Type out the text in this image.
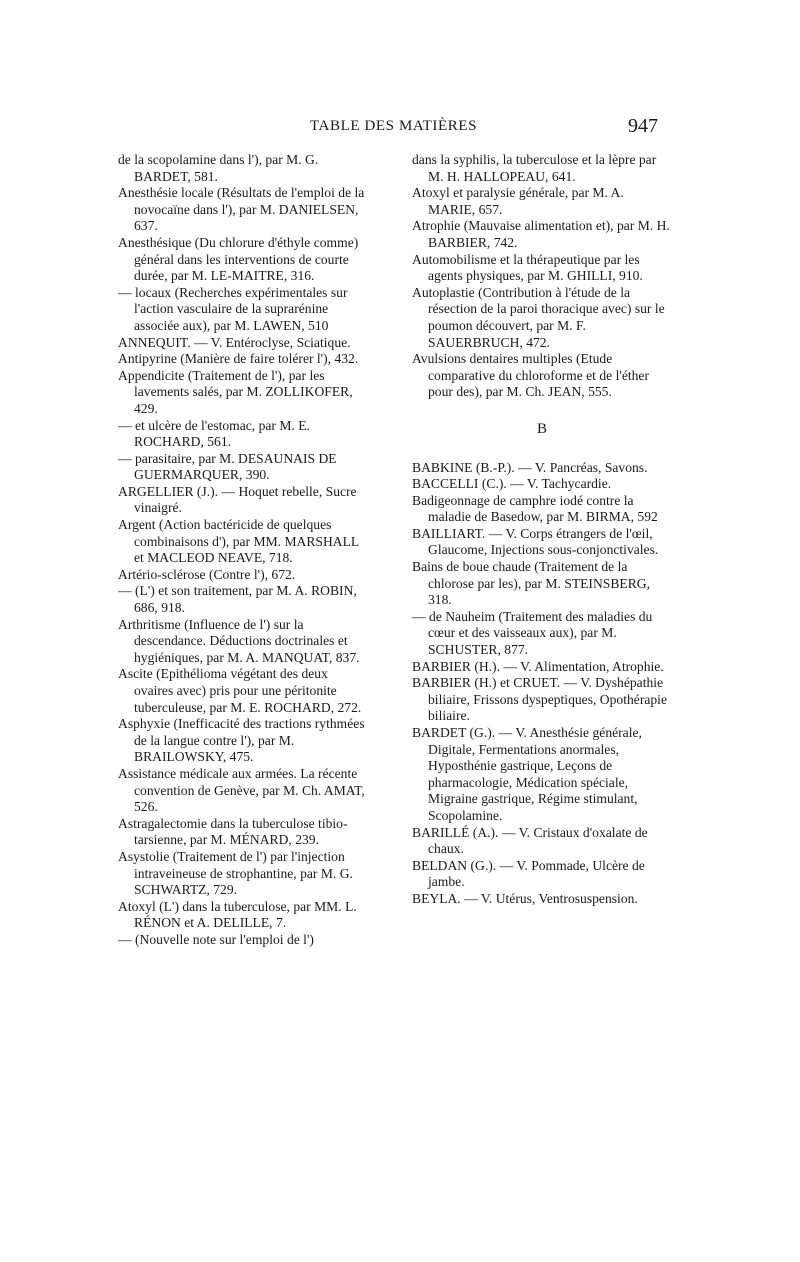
TABLE DES MATIÈRES	947

de la scopolamine dans l'), par M. G. BARDET, 581.

Anesthésie locale (Résultats de l'emploi de la novocaïne dans l'), par M. DANIELSEN, 637.

Anesthésique (Du chlorure d'éthyle comme) général dans les interventions de courte durée, par M. LE-MAITRE, 316.

— locaux (Recherches expérimentales sur l'action vasculaire de la suprarénine associée aux), par M. LAWEN, 510

ANNEQUIT. — V. Entéroclyse, Sciatique.

Antipyrine (Manière de faire tolérer l'), 432.

Appendicite (Traitement de l'), par les lavements salés, par M. ZOLLIKOFER, 429.

— et ulcère de l'estomac, par M. E. ROCHARD, 561.

— parasitaire, par M. DESAUNAIS DE GUERMARQUER, 390.

ARGELLIER (J.). — Hoquet rebelle, Sucre vinaigré.

Argent (Action bactéricide de quelques combinaisons d'), par MM. MARSHALL et MACLEOD NEAVE, 718.

Artério-sclérose (Contre l'), 672.

— (L') et son traitement, par M. A. ROBIN, 686, 918.

Arthritisme (Influence de l') sur la descendance. Déductions doctrinales et hygiéniques, par M. A. MANQUAT, 837.

Ascite (Epithélioma végétant des deux ovaires avec) pris pour une péritonite tuberculeuse, par M. E. ROCHARD, 272.

Asphyxie (Inefficacité des tractions rythmées de la langue contre l'), par M. BRAILOWSKY, 475.

Assistance médicale aux armées. La récente convention de Genève, par M. Ch. AMAT, 526.

Astragalectomie dans la tuberculose tibio-tarsienne, par M. MÉNARD, 239.

Asystolie (Traitement de l') par l'injection intraveineuse de strophantine, par M. G. SCHWARTZ, 729.

Atoxyl (L') dans la tuberculose, par MM. L. RÉNON et A. DELILLE, 7.

— (Nouvelle note sur l'emploi de l')

dans la syphilis, la tuberculose et la lèpre par M. H. HALLOPEAU, 641.

Atoxyl et paralysie générale, par M. A. MARIE, 657.

Atrophie (Mauvaise alimentation et), par M. H. BARBIER, 742.

Automobilisme et la thérapeutique par les agents physiques, par M. GHILLI, 910.

Autoplastie (Contribution à l'étude de la résection de la paroi thoracique avec) sur le poumon découvert, par M. F. SAUERBRUCH, 472.

Avulsions dentaires multiples (Etude comparative du chloroforme et de l'éther pour des), par M. Ch. JEAN, 555.

B

BABKINE (B.-P.). — V. Pancréas, Savons.

BACCELLI (C.). — V. Tachycardie.

Badigeonnage de camphre iodé contre la maladie de Basedow, par M. BIRMA, 592

BAILLIART. — V. Corps étrangers de l'œil, Glaucome, Injections sous-conjonctivales.

Bains de boue chaude (Traitement de la chlorose par les), par M. STEINSBERG, 318.

— de Nauheim (Traitement des maladies du cœur et des vaisseaux aux), par M. SCHUSTER, 877.

BARBIER (H.). — V. Alimentation, Atrophie.

BARBIER (H.) et CRUET. — V. Dyshépathie biliaire, Frissons dyspeptiques, Opothérapie biliaire.

BARDET (G.). — V. Anesthésie générale, Digitale, Fermentations anormales, Hyposthénie gastrique, Leçons de pharmacologie, Médication spéciale, Migraine gastrique, Régime stimulant, Scopolamine.

BARILLÉ (A.). — V. Cristaux d'oxalate de chaux.

BELDAN (G.). — V. Pommade, Ulcère de jambe.

BEYLA. — V. Utérus, Ventrosuspension.
